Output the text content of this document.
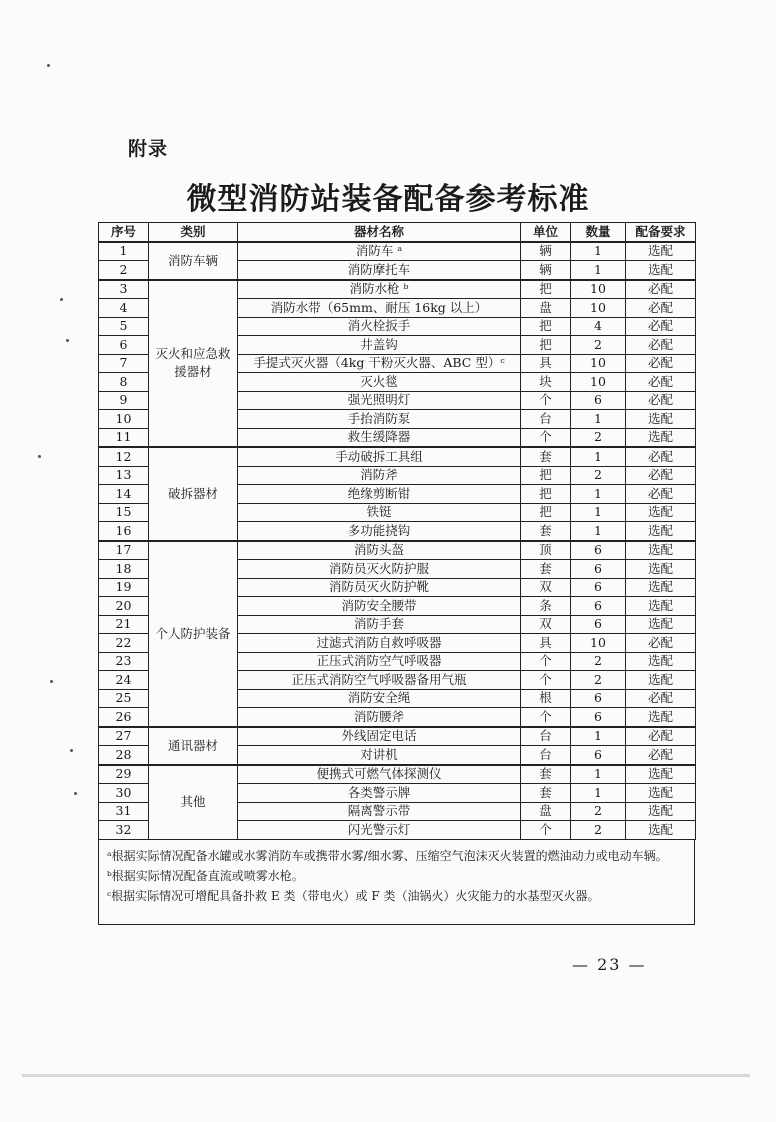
附录
微型消防站装备配备参考标准
序号	类别	器材名称	单位	数量	配备要求
1	消防车辆	消防车 ᵃ	辆	1	选配
2		消防摩托车	辆	1	选配
3	灭火和应急救援器材	消防水枪 ᵇ	把	10	必配
4		消防水带（65mm、耐压 16kg 以上）	盘	10	必配
5		消火栓扳手	把	4	必配
6		井盖钩	把	2	必配
7		手提式灭火器（4kg 干粉灭火器、ABC 型）ᶜ	具	10	必配
8		灭火毯	块	10	必配
9		强光照明灯	个	6	必配
10		手抬消防泵	台	1	选配
11		救生缓降器	个	2	选配
12	破拆器材	手动破拆工具组	套	1	必配
13		消防斧	把	2	必配
14		绝缘剪断钳	把	1	必配
15		铁铤	把	1	选配
16		多功能挠钩	套	1	选配
17	个人防护装备	消防头盔	顶	6	选配
18		消防员灭火防护服	套	6	选配
19		消防员灭火防护靴	双	6	选配
20		消防安全腰带	条	6	选配
21		消防手套	双	6	选配
22		过滤式消防自救呼吸器	具	10	必配
23		正压式消防空气呼吸器	个	2	选配
24		正压式消防空气呼吸器备用气瓶	个	2	选配
25		消防安全绳	根	6	必配
26		消防腰斧	个	6	选配
27	通讯器材	外线固定电话	台	1	必配
28		对讲机	台	6	必配
29	其他	便携式可燃气体探测仪	套	1	选配
30		各类警示牌	套	1	选配
31		隔离警示带	盘	2	选配
32		闪光警示灯	个	2	选配

ᵃ根据实际情况配备水罐或水雾消防车或携带水雾/细水雾、压缩空气泡沫灭火装置的燃油动力或电动车辆。

ᵇ根据实际情况配备直流或喷雾水枪。

ᶜ根据实际情况可增配具备扑救 E 类（带电火）或 F 类（油锅火）火灾能力的水基型灭火器。

— 23 —
